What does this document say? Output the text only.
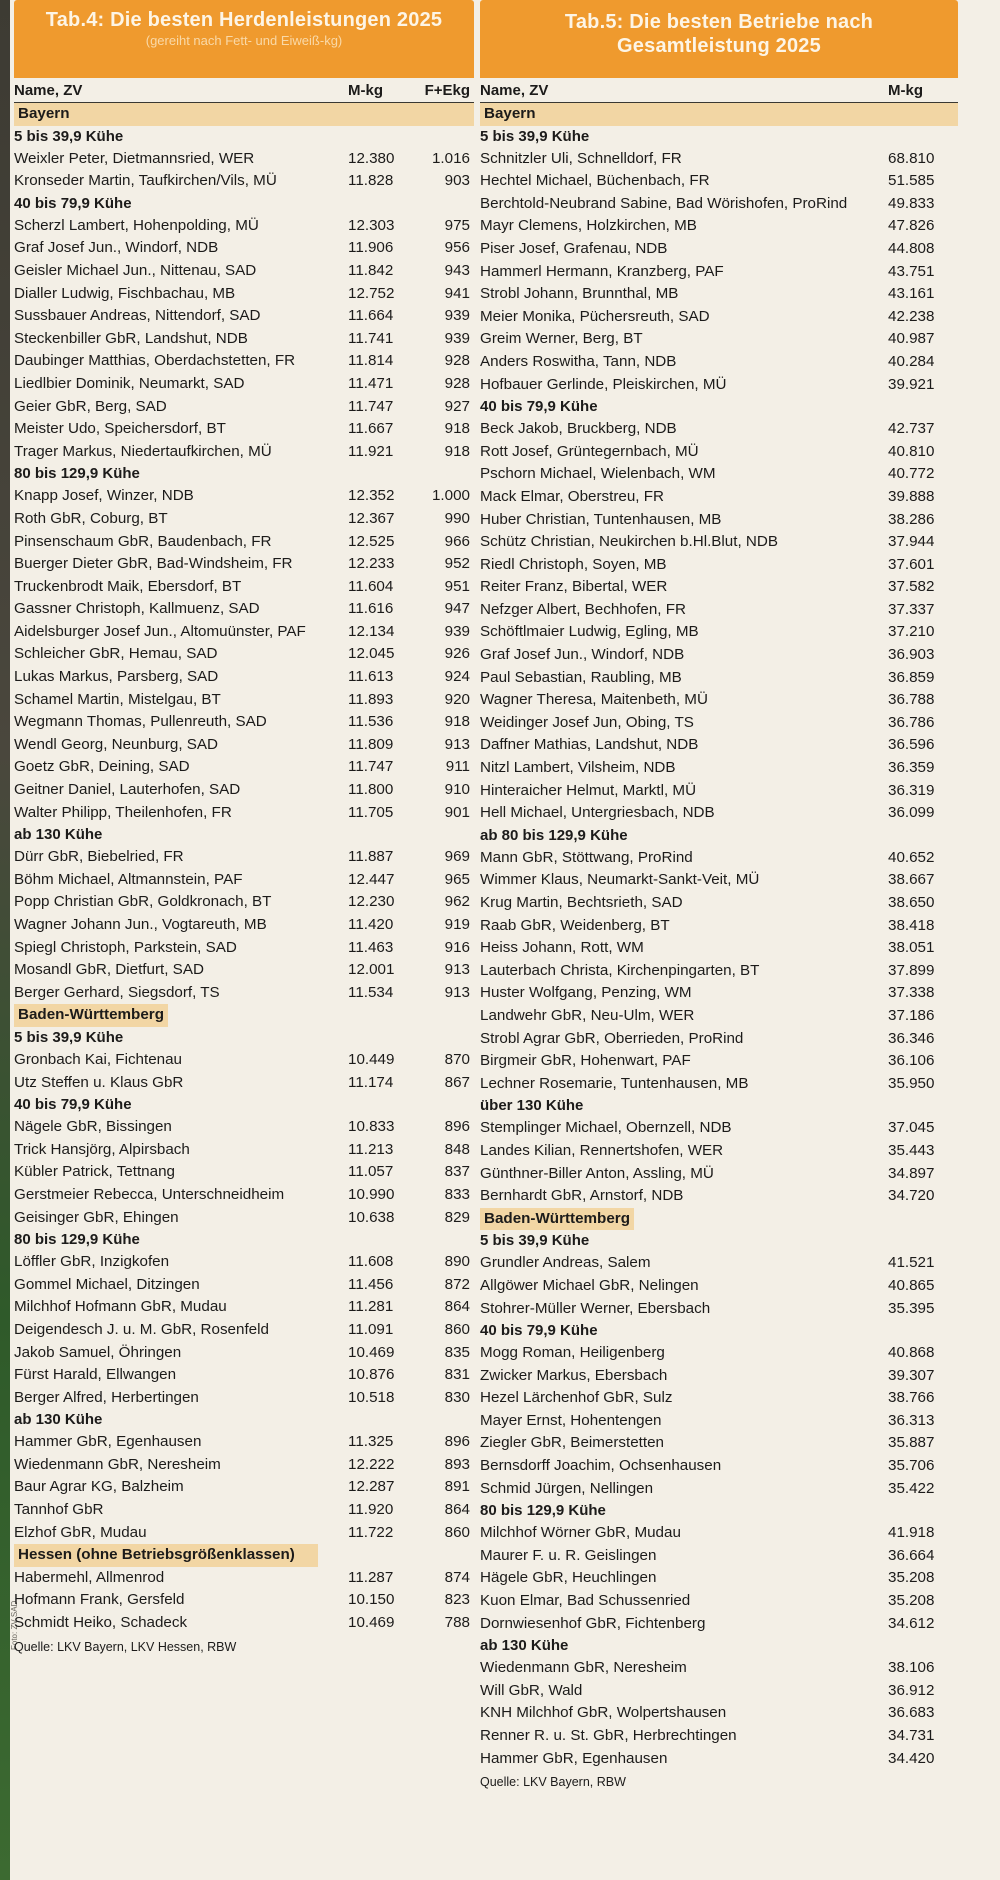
Foto: ZV SAD
Tab.4: Die besten Herdenleistungen 2025
(gereiht nach Fett- und Eiweiß-kg)
Name, ZV	M-kg	F+Ekg
Bayern
5 bis 39,9 Kühe
Weixler Peter, Dietmannsried, WER	12.380	1.016
Kronseder Martin, Taufkirchen/Vils, MÜ	11.828	903
40 bis 79,9 Kühe
Scherzl Lambert, Hohenpolding, MÜ	12.303	975
Graf Josef Jun., Windorf, NDB	11.906	956
Geisler Michael Jun., Nittenau, SAD	11.842	943
Dialler Ludwig, Fischbachau, MB	12.752	941
Sussbauer Andreas, Nittendorf, SAD	11.664	939
Steckenbiller GbR, Landshut, NDB	11.741	939
Daubinger Matthias, Oberdachstetten, FR	11.814	928
Liedlbier Dominik, Neumarkt, SAD	11.471	928
Geier GbR, Berg, SAD	11.747	927
Meister Udo, Speichersdorf, BT	11.667	918
Trager Markus, Niedertaufkirchen, MÜ	11.921	918
80 bis 129,9 Kühe
Knapp Josef, Winzer, NDB	12.352	1.000
Roth GbR, Coburg, BT	12.367	990
Pinsenschaum GbR, Baudenbach, FR	12.525	966
Buerger Dieter GbR, Bad-Windsheim, FR	12.233	952
Truckenbrodt Maik, Ebersdorf, BT	11.604	951
Gassner Christoph, Kallmuenz, SAD	11.616	947
Aidelsburger Josef Jun., Altomuünster, PAF	12.134	939
Schleicher GbR, Hemau, SAD	12.045	926
Lukas Markus, Parsberg, SAD	11.613	924
Schamel Martin, Mistelgau, BT	11.893	920
Wegmann Thomas, Pullenreuth, SAD	11.536	918
Wendl Georg, Neunburg, SAD	11.809	913
Goetz GbR, Deining, SAD	11.747	911
Geitner Daniel, Lauterhofen, SAD	11.800	910
Walter Philipp, Theilenhofen, FR	11.705	901
ab 130 Kühe
Dürr GbR, Biebelried, FR	11.887	969
Böhm Michael, Altmannstein, PAF	12.447	965
Popp Christian GbR, Goldkronach, BT	12.230	962
Wagner Johann Jun., Vogtareuth, MB	11.420	919
Spiegl Christoph, Parkstein, SAD	11.463	916
Mosandl GbR, Dietfurt, SAD	12.001	913
Berger Gerhard, Siegsdorf, TS	11.534	913
Baden-Württemberg
5 bis 39,9 Kühe
Gronbach Kai, Fichtenau	10.449	870
Utz Steffen u. Klaus GbR	11.174	867
40 bis 79,9 Kühe
Nägele GbR, Bissingen	10.833	896
Trick Hansjörg, Alpirsbach	11.213	848
Kübler Patrick, Tettnang	11.057	837
Gerstmeier Rebecca, Unterschneidheim	10.990	833
Geisinger GbR, Ehingen	10.638	829
80 bis 129,9 Kühe
Löffler GbR, Inzigkofen	11.608	890
Gommel Michael, Ditzingen	11.456	872
Milchhof Hofmann GbR, Mudau	11.281	864
Deigendesch J. u. M. GbR, Rosenfeld	11.091	860
Jakob Samuel, Öhringen	10.469	835
Fürst Harald, Ellwangen	10.876	831
Berger Alfred, Herbertingen	10.518	830
ab 130 Kühe
Hammer GbR, Egenhausen	11.325	896
Wiedenmann GbR, Neresheim	12.222	893
Baur Agrar KG, Balzheim	12.287	891
Tannhof GbR	11.920	864
Elzhof GbR, Mudau	11.722	860
Hessen (ohne Betriebsgrößenklassen)
Habermehl, Allmenrod	11.287	874
Hofmann Frank, Gersfeld	10.150	823
Schmidt Heiko, Schadeck	10.469	788
Quelle: LKV Bayern, LKV Hessen, RBW
Tab.5: Die besten Betriebe nach
Gesamtleistung 2025
Name, ZV	M-kg
Bayern
5 bis 39,9 Kühe
Schnitzler Uli, Schnelldorf, FR	68.810
Hechtel Michael, Büchenbach, FR	51.585
Berchtold-Neubrand Sabine, Bad Wörishofen, ProRind	49.833
Mayr Clemens, Holzkirchen, MB	47.826
Piser Josef, Grafenau, NDB	44.808
Hammerl Hermann, Kranzberg, PAF	43.751
Strobl Johann, Brunnthal, MB	43.161
Meier Monika, Püchersreuth, SAD	42.238
Greim Werner, Berg, BT	40.987
Anders Roswitha, Tann, NDB	40.284
Hofbauer Gerlinde, Pleiskirchen, MÜ	39.921
40 bis 79,9 Kühe
Beck Jakob, Bruckberg, NDB	42.737
Rott Josef, Grüntegernbach, MÜ	40.810
Pschorn Michael, Wielenbach, WM	40.772
Mack Elmar, Oberstreu, FR	39.888
Huber Christian, Tuntenhausen, MB	38.286
Schütz Christian, Neukirchen b.Hl.Blut, NDB	37.944
Riedl Christoph, Soyen, MB	37.601
Reiter Franz, Bibertal, WER	37.582
Nefzger Albert, Bechhofen, FR	37.337
Schöftlmaier Ludwig, Egling, MB	37.210
Graf Josef Jun., Windorf, NDB	36.903
Paul Sebastian, Raubling, MB	36.859
Wagner Theresa, Maitenbeth, MÜ	36.788
Weidinger Josef Jun, Obing, TS	36.786
Daffner Mathias, Landshut, NDB	36.596
Nitzl Lambert, Vilsheim, NDB	36.359
Hinteraicher Helmut, Marktl, MÜ	36.319
Hell Michael, Untergriesbach, NDB	36.099
ab 80 bis 129,9 Kühe
Mann GbR, Stöttwang, ProRind	40.652
Wimmer Klaus, Neumarkt-Sankt-Veit, MÜ	38.667
Krug Martin, Bechtsrieth, SAD	38.650
Raab GbR, Weidenberg, BT	38.418
Heiss Johann, Rott, WM	38.051
Lauterbach Christa, Kirchenpingarten, BT	37.899
Huster Wolfgang, Penzing, WM	37.338
Landwehr GbR, Neu-Ulm, WER	37.186
Strobl Agrar GbR, Oberrieden, ProRind	36.346
Birgmeir GbR, Hohenwart, PAF	36.106
Lechner Rosemarie, Tuntenhausen, MB	35.950
über 130 Kühe
Stemplinger Michael, Obernzell, NDB	37.045
Landes Kilian, Rennertshofen, WER	35.443
Günthner-Biller Anton, Assling, MÜ	34.897
Bernhardt GbR, Arnstorf, NDB	34.720
Baden-Württemberg
5 bis 39,9 Kühe
Grundler Andreas, Salem	41.521
Allgöwer Michael GbR, Nelingen	40.865
Stohrer-Müller Werner, Ebersbach	35.395
40 bis 79,9 Kühe
Mogg Roman, Heiligenberg	40.868
Zwicker Markus, Ebersbach	39.307
Hezel Lärchenhof GbR, Sulz	38.766
Mayer Ernst, Hohentengen	36.313
Ziegler GbR, Beimerstetten	35.887
Bernsdorff Joachim, Ochsenhausen	35.706
Schmid Jürgen, Nellingen	35.422
80 bis 129,9 Kühe
Milchhof Wörner GbR, Mudau	41.918
Maurer F. u. R. Geislingen	36.664
Hägele GbR, Heuchlingen	35.208
Kuon Elmar, Bad Schussenried	35.208
Dornwiesenhof GbR, Fichtenberg	34.612
ab 130 Kühe
Wiedenmann GbR, Neresheim	38.106
Will GbR, Wald	36.912
KNH Milchhof GbR, Wolpertshausen	36.683
Renner R. u. St. GbR, Herbrechtingen	34.731
Hammer GbR, Egenhausen	34.420
Quelle: LKV Bayern, RBW
